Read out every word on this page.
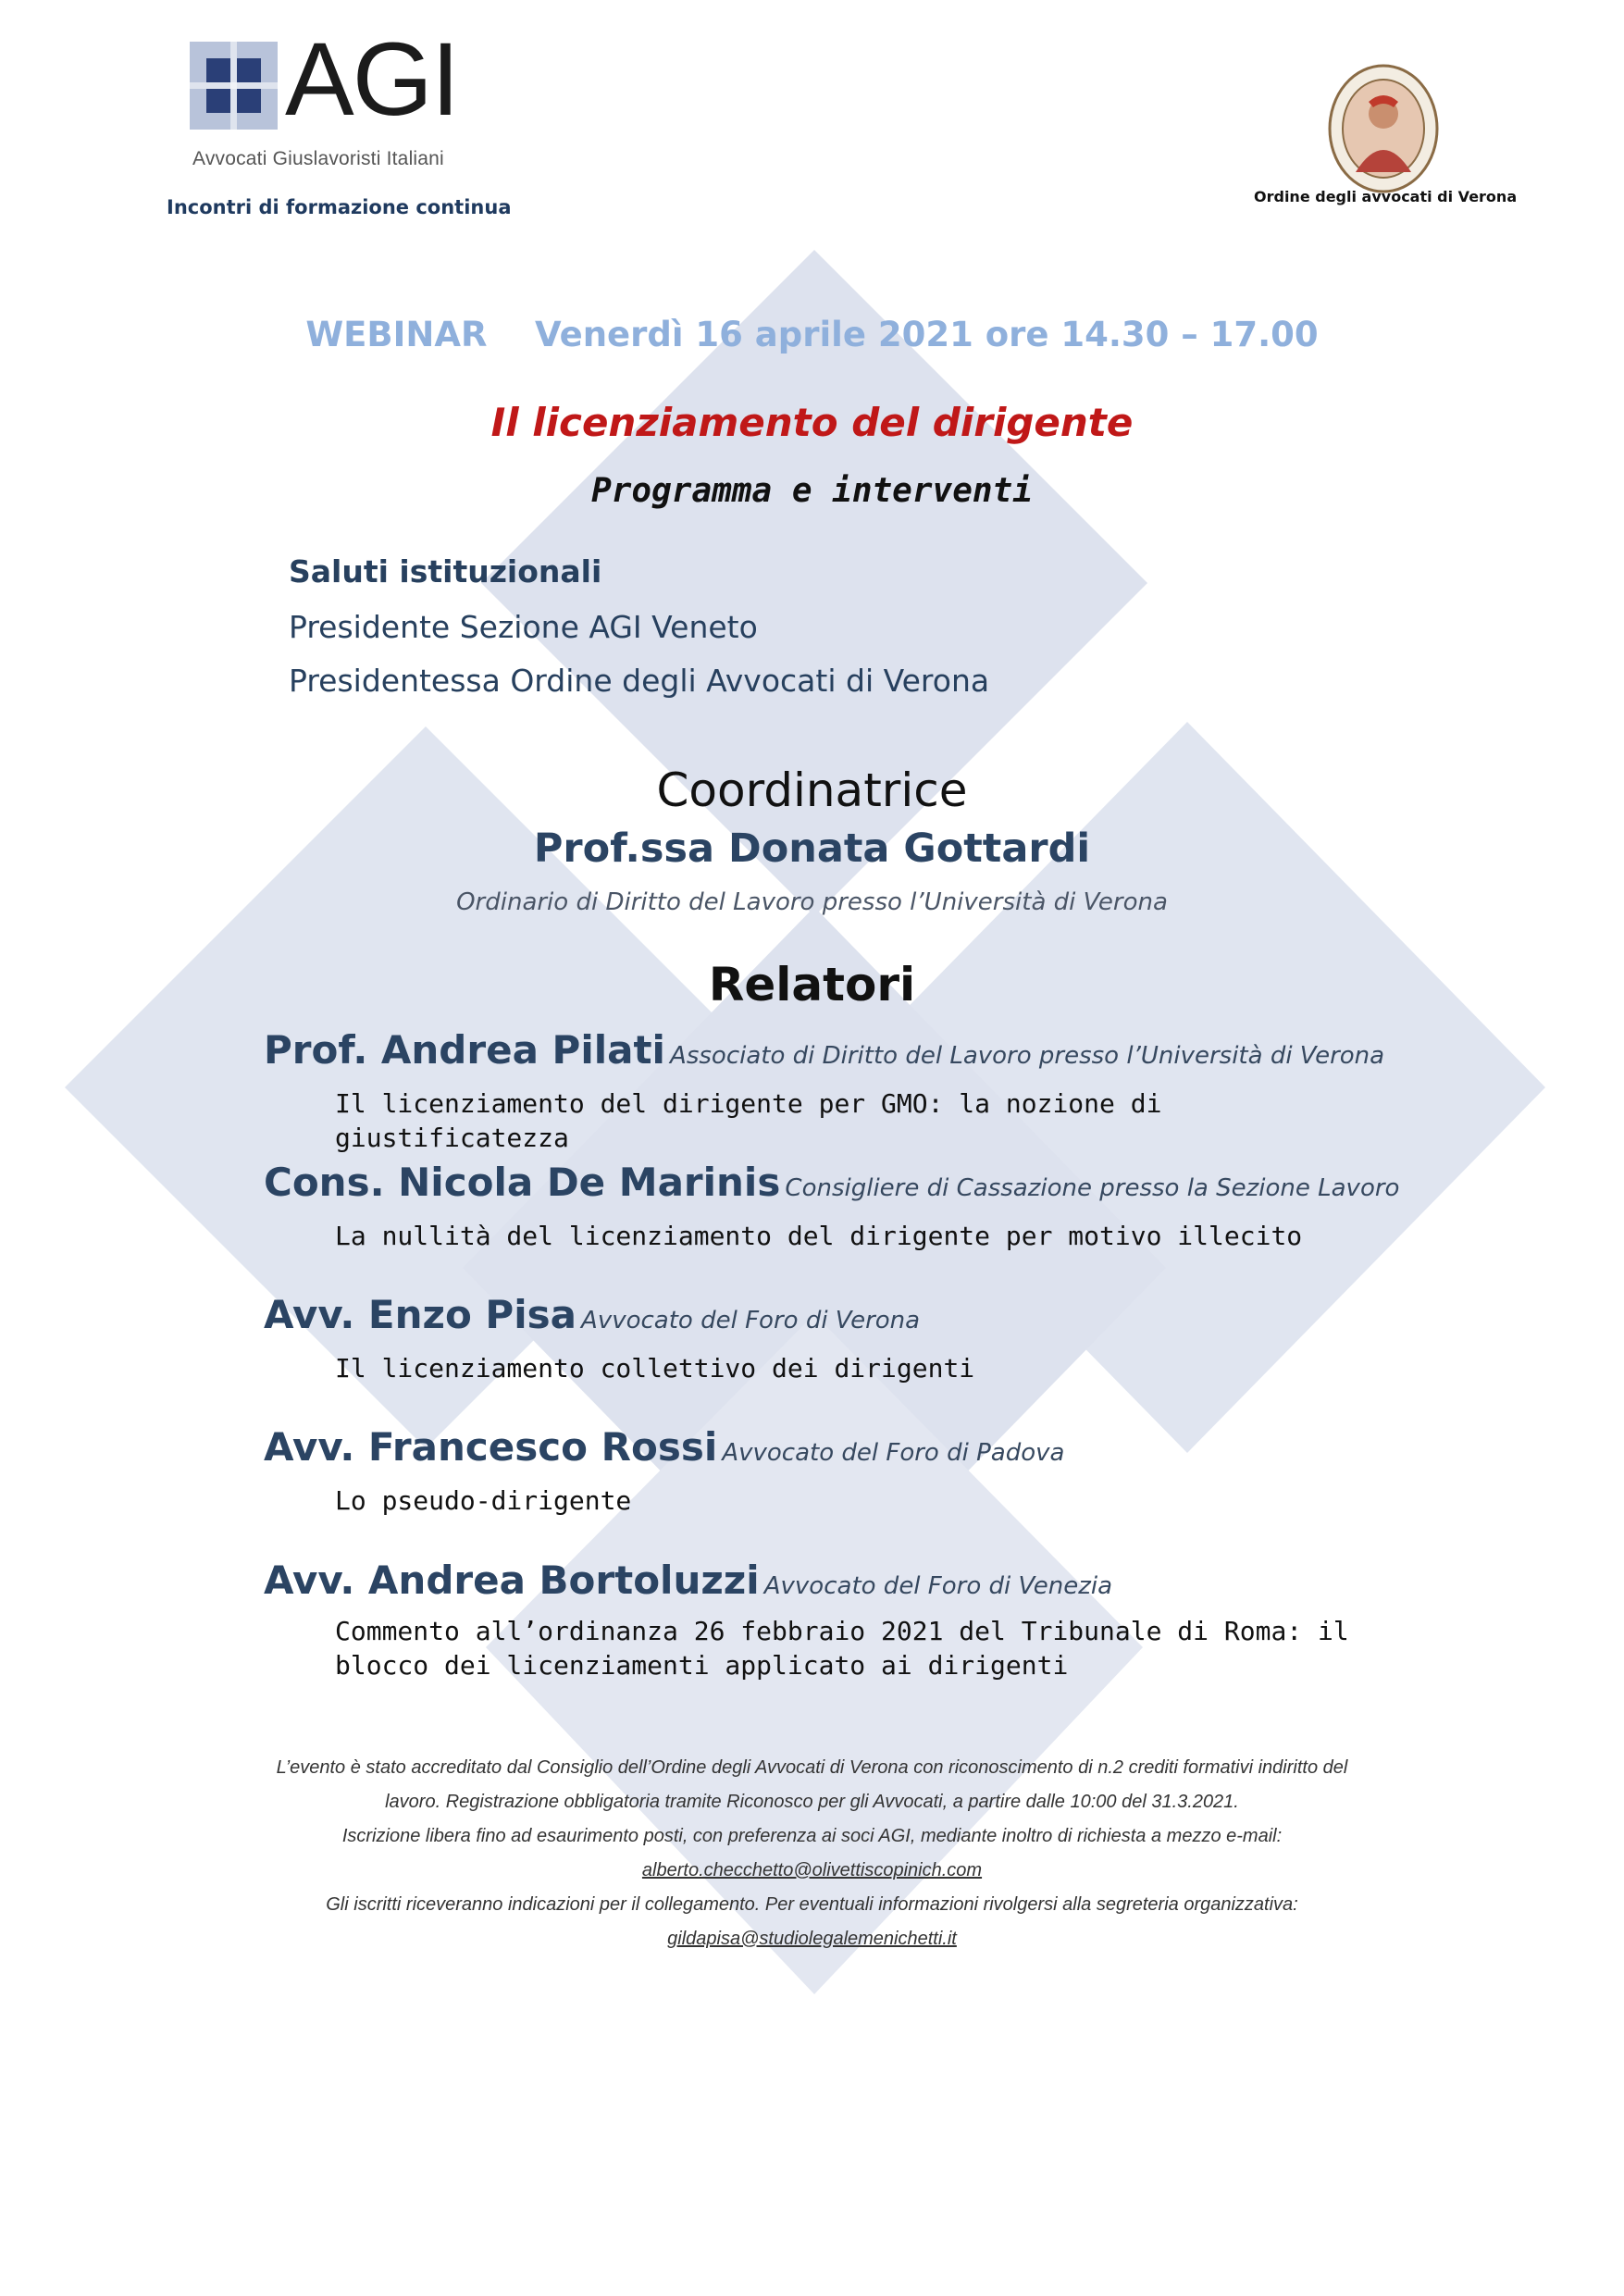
AGI
Avvocati Giuslavoristi Italiani
Incontri di formazione continua	Ordine degli avvocati di Verona
WEBINAR    Venerdì 16 aprile 2021 ore 14.30 – 17.00
Il licenziamento del dirigente
Programma e interventi
Saluti istituzionali
Presidente Sezione AGI Veneto
Presidentessa Ordine degli Avvocati di Verona
Coordinatrice
Prof.ssa Donata Gottardi
Ordinario di Diritto del Lavoro presso l’Università di Verona
Relatori
Prof. Andrea Pilati Associato di Diritto del Lavoro presso l’Università di Verona
Il licenziamento del dirigente per GMO: la nozione di giustificatezza
Cons. Nicola De Marinis Consigliere di Cassazione presso la Sezione Lavoro
La nullità del licenziamento del dirigente per motivo illecito
Avv. Enzo Pisa Avvocato del Foro di Verona
Il licenziamento collettivo dei dirigenti
Avv. Francesco Rossi Avvocato del Foro di Padova
Lo pseudo-dirigente
Avv. Andrea Bortoluzzi Avvocato del Foro di Venezia
Commento all’ordinanza 26 febbraio 2021 del Tribunale di Roma: il blocco dei licenziamenti applicato ai dirigenti
L’evento è stato accreditato dal Consiglio dell’Ordine degli Avvocati di Verona con riconoscimento di n.2 crediti formativi indiritto del
lavoro. Registrazione obbligatoria tramite Riconosco per gli Avvocati, a partire dalle 10:00 del 31.3.2021.
Iscrizione libera fino ad esaurimento posti, con preferenza ai soci AGI, mediante inoltro di richiesta a mezzo e-mail:
alberto.checchetto@olivettiscopinich.com
Gli iscritti riceveranno indicazioni per il collegamento. Per eventuali informazioni rivolgersi alla segreteria organizzativa:
gildapisa@studiolegalemenichetti.it
